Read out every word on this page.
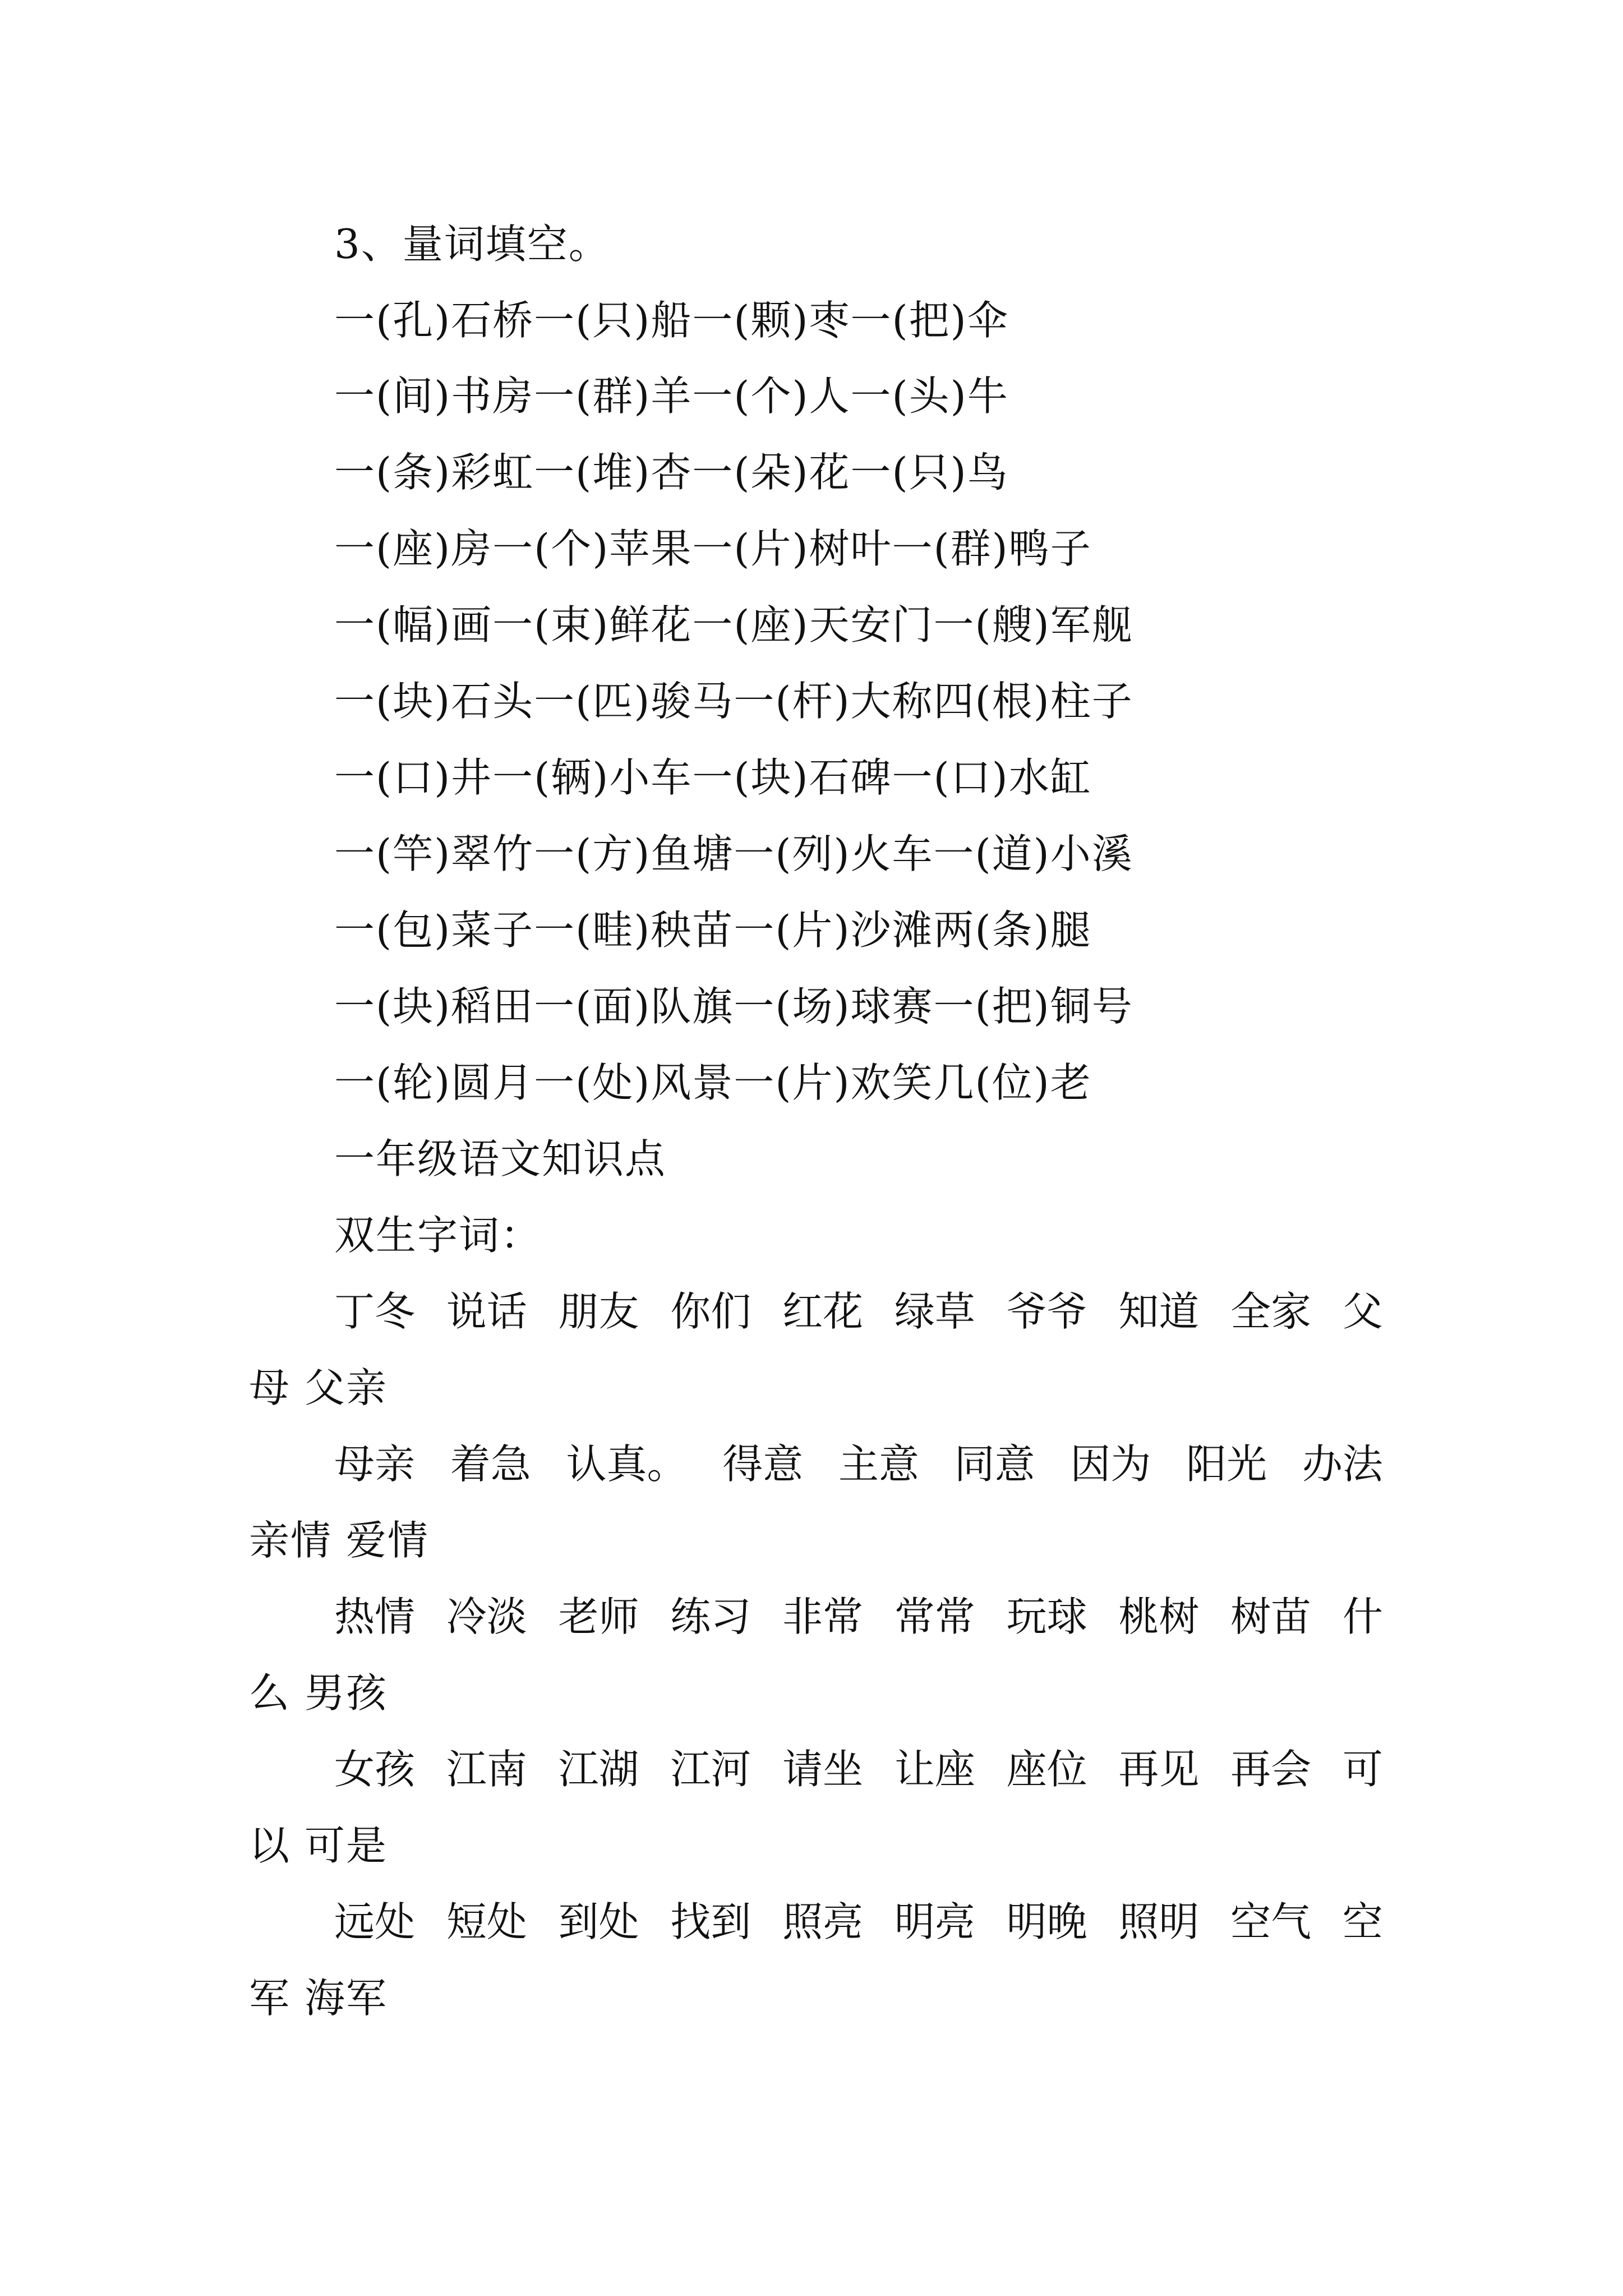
3、量词填空。
一(孔)石桥一(只)船一(颗)枣一(把)伞
一(间)书房一(群)羊一(个)人一(头)牛
一(条)彩虹一(堆)杏一(朵)花一(只)鸟
一(座)房一(个)苹果一(片)树叶一(群)鸭子
一(幅)画一(束)鲜花一(座)天安门一(艘)军舰
一(块)石头一(匹)骏马一(杆)大称四(根)柱子
一(口)井一(辆)小车一(块)石碑一(口)水缸
一(竿)翠竹一(方)鱼塘一(列)火车一(道)小溪
一(包)菜子一(畦)秧苗一(片)沙滩两(条)腿
一(块)稻田一(面)队旗一(场)球赛一(把)铜号
一(轮)圆月一(处)风景一(片)欢笑几(位)老
一年级语文知识点
双生字词：
丁冬 说话 朋友 你们 红花 绿草 爷爷 知道 全家 父
母 父亲
母亲 着急 认真。 得意 主意 同意 因为 阳光 办法
亲情 爱情
热情 冷淡 老师 练习 非常 常常 玩球 桃树 树苗 什
么 男孩
女孩 江南 江湖 江河 请坐 让座 座位 再见 再会 可
以 可是
远处 短处 到处 找到 照亮 明亮 明晚 照明 空气 空
军 海军
